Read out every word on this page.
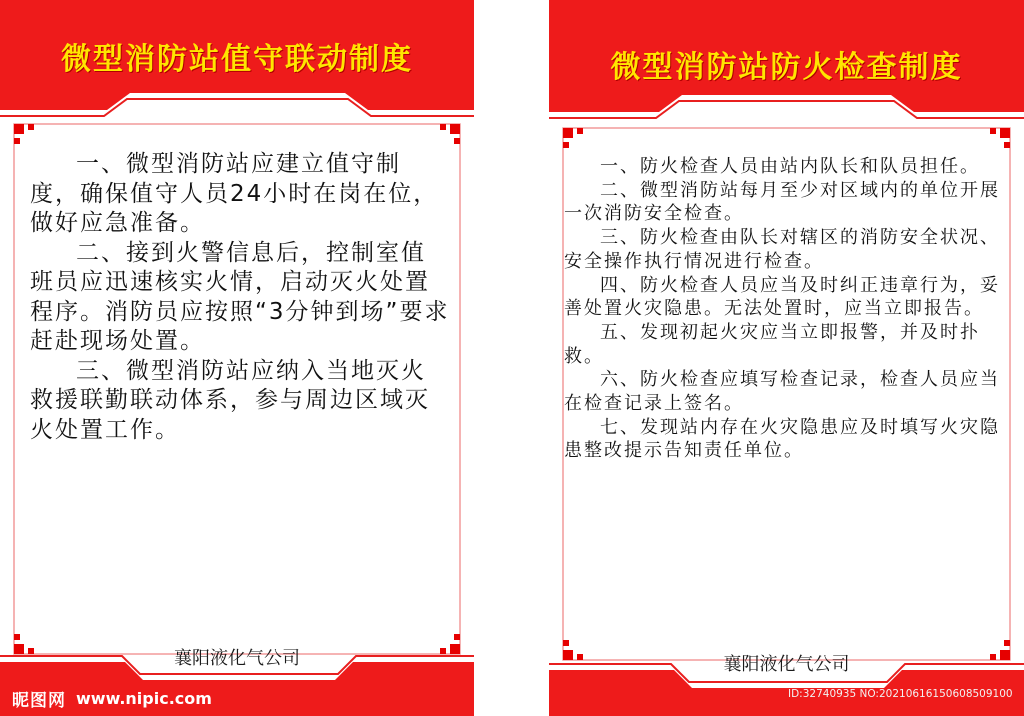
微型消防站值守联动制度

一、微型消防站应建立值守制度，确保值守人员24小时在岗在位，做好应急准备。

二、接到火警信息后，控制室值班员应迅速核实火情，启动灭火处置程序。消防员应按照“3分钟到场”要求赶赴现场处置。

三、微型消防站应纳入当地灭火救援联勤联动体系，参与周边区域灭火处置工作。

襄阳液化气公司
昵图网 www.nipic.com
微型消防站防火检查制度

一、防火检查人员由站内队长和队员担任。

二、微型消防站每月至少对区域内的单位开展一次消防安全检查。

三、防火检查由队长对辖区的消防安全状况、安全操作执行情况进行检查。

四、防火检查人员应当及时纠正违章行为，妥善处置火灾隐患。无法处置时，应当立即报告。

五、发现初起火灾应当立即报警，并及时扑救。

六、防火检查应填写检查记录，检查人员应当在检查记录上签名。

七、发现站内存在火灾隐患应及时填写火灾隐患整改提示告知责任单位。

襄阳液化气公司
ID:32740935 NO:20210616150608509100
